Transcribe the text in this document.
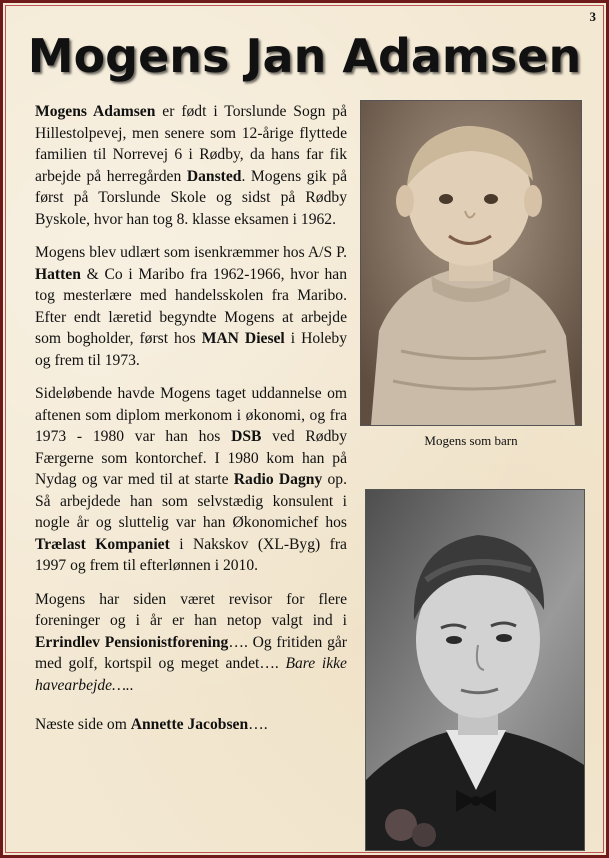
3
Mogens Jan Adamsen

Mogens Adamsen er født i Torslunde Sogn på Hillestolpevej, men senere som 12-årige flyttede familien til Norrevej 6 i Rødby, da hans far fik arbejde på herregården Dansted. Mogens gik på først på Torslunde Skole og sidst på Rødby Byskole, hvor han tog 8. klasse eksamen i 1962.

Mogens blev udlært som isenkræmmer hos A/S P. Hatten & Co i Maribo fra 1962-1966, hvor han tog mesterlære med handelsskolen fra Maribo. Efter endt læretid begyndte Mogens at arbejde som bogholder, først hos MAN Diesel i Holeby og frem til 1973.

Sideløbende havde Mogens taget uddannelse om aftenen som diplom merkonom i økonomi, og fra 1973 - 1980 var han hos DSB ved Rødby Færgerne som kontorchef. I 1980 kom han på Nydag og var med til at starte Radio Dagny op. Så arbejdede han som selvstædig konsulent i nogle år og sluttelig var han Økonomichef hos Trælast Kompaniet i Nakskov (XL-Byg) fra 1997 og frem til efterlønnen i 2010.

Mogens har siden været revisor for flere foreninger og i år er han netop valgt ind i Errindlev Pensionistforening…. Og fritiden går med golf, kortspil og meget andet…. Bare ikke havearbejde…..

Næste side om Annette Jacobsen….

Mogens som barn
